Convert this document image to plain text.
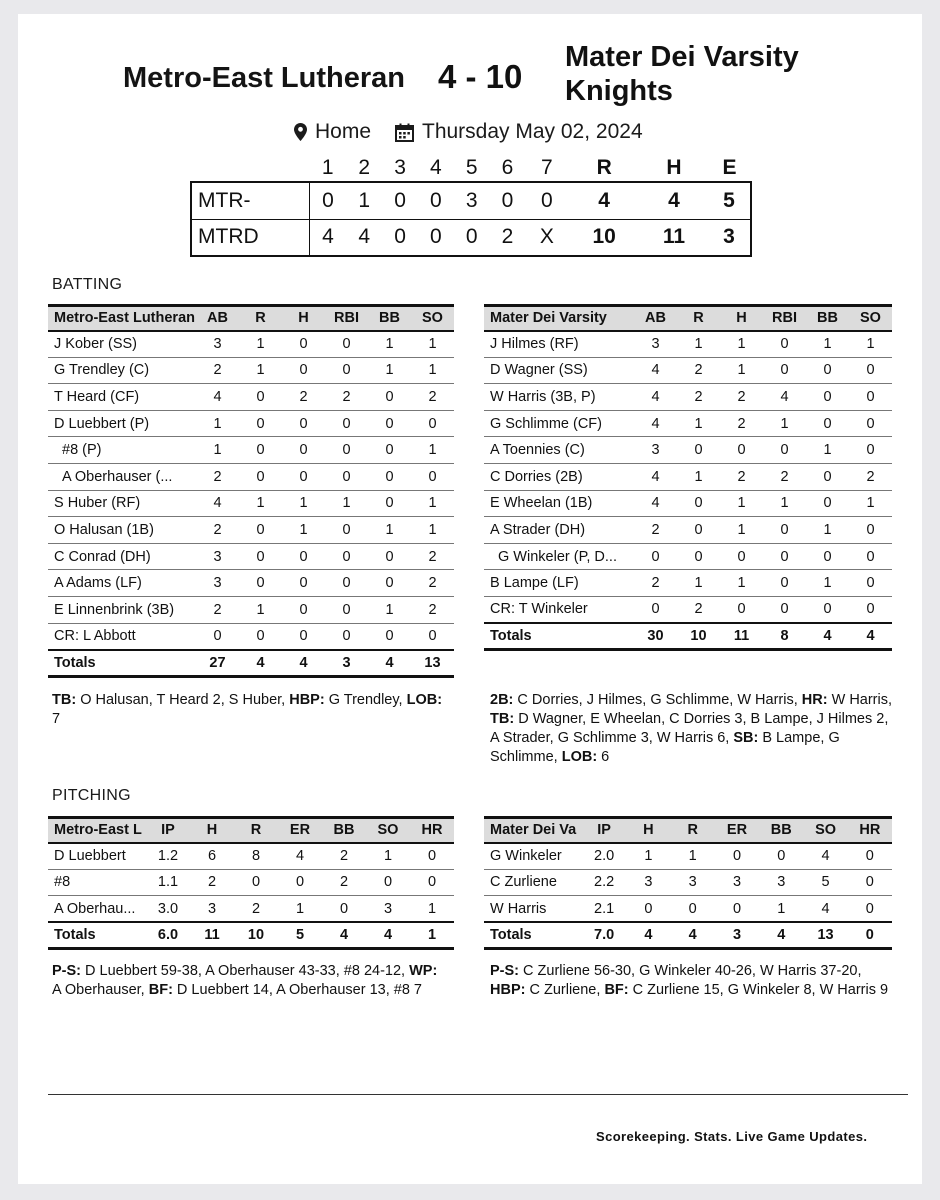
Metro-East Lutheran 4 - 10
Mater Dei Varsity Knights
Home Thursday May 02, 2024
	1	2	3	4	5	6	7	R	H	E
MTR-	0	1	0	0	3	0	0	4	4	5
MTRD	4	4	0	0	0	2	X	10	11	3
BATTING
Metro-East Lutheran	AB	R	H	RBI	BB	SO
J Kober (SS)	3	1	0	0	1	1
G Trendley (C)	2	1	0	0	1	1
T Heard (CF)	4	0	2	2	0	2
D Luebbert (P)	1	0	0	0	0	0
#8 (P)	1	0	0	0	0	1
A Oberhauser (...	2	0	0	0	0	0
S Huber (RF)	4	1	1	1	0	1
O Halusan (1B)	2	0	1	0	1	1
C Conrad (DH)	3	0	0	0	0	2
A Adams (LF)	3	0	0	0	0	2
E Linnenbrink (3B)	2	1	0	0	1	2
CR: L Abbott	0	0	0	0	0	0
Totals	27	4	4	3	4	13
Mater Dei Varsity	AB	R	H	RBI	BB	SO
J Hilmes (RF)	3	1	1	0	1	1
D Wagner (SS)	4	2	1	0	0	0
W Harris (3B, P)	4	2	2	4	0	0
G Schlimme (CF)	4	1	2	1	0	0
A Toennies (C)	3	0	0	0	1	0
C Dorries (2B)	4	1	2	2	0	2
E Wheelan (1B)	4	0	1	1	0	1
A Strader (DH)	2	0	1	0	1	0
G Winkeler (P, D...	0	0	0	0	0	0
B Lampe (LF)	2	1	1	0	1	0
CR: T Winkeler	0	2	0	0	0	0
Totals	30	10	11	8	4	4
TB: O Halusan, T Heard 2, S Huber, HBP: G Trendley, LOB: 7
2B: C Dorries, J Hilmes, G Schlimme, W Harris, HR: W Harris, TB: D Wagner, E Wheelan, C Dorries 3, B Lampe, J Hilmes 2, A Strader, G Schlimme 3, W Harris 6, SB: B Lampe, G Schlimme, LOB: 6
PITCHING
Metro-East L	IP	H	R	ER	BB	SO	HR
D Luebbert	1.2	6	8	4	2	1	0
#8	1.1	2	0	0	2	0	0
A Oberhau...	3.0	3	2	1	0	3	1
Totals	6.0	11	10	5	4	4	1
Mater Dei Va	IP	H	R	ER	BB	SO	HR
G Winkeler	2.0	1	1	0	0	4	0
C Zurliene	2.2	3	3	3	3	5	0
W Harris	2.1	0	0	0	1	4	0
Totals	7.0	4	4	3	4	13	0
P-S: D Luebbert 59-38, A Oberhauser 43-33, #8 24-12, WP: A Oberhauser, BF: D Luebbert 14, A Oberhauser 13, #8 7
P-S: C Zurliene 56-30, G Winkeler 40-26, W Harris 37-20, HBP: C Zurliene, BF: C Zurliene 15, G Winkeler 8, W Harris 9
Scorekeeping. Stats. Live Game Updates.
